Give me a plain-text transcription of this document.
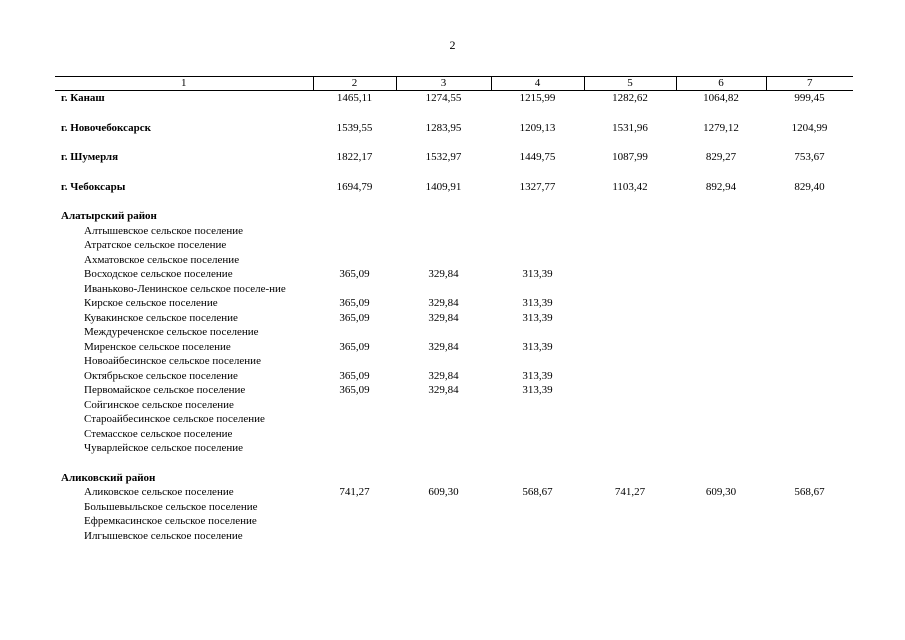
2
1	2	3	4	5	6	7
г. Канаш	1465,11	1274,55	1215,99	1282,62	1064,82	999,45

г. Новочебоксарск	1539,55	1283,95	1209,13	1531,96	1279,12	1204,99

г. Шумерля	1822,17	1532,97	1449,75	1087,99	829,27	753,67

г. Чебоксары	1694,79	1409,91	1327,77	1103,42	892,94	829,40

Алатырский район						
Алтышевское сельское поселение						
Атратское сельское поселение						
Ахматовское сельское поселение						
Восходское сельское поселение	365,09	329,84	313,39			
Иваньково-Ленинское сельское поселе-ние						
Кирское сельское поселение	365,09	329,84	313,39			
Кувакинское сельское поселение	365,09	329,84	313,39			
Междуреченское сельское поселение						
Миренское сельское поселение	365,09	329,84	313,39			
Новоайбесинское сельское поселение						
Октябрьское сельское поселение	365,09	329,84	313,39			
Первомайское сельское поселение	365,09	329,84	313,39			
Сойгинское сельское поселение						
Староайбесинское сельское поселение						
Стемасское сельское поселение						
Чуварлейское сельское поселение						

Аликовский район						
Аликовское сельское поселение	741,27	609,30	568,67	741,27	609,30	568,67
Большевыльское сельское поселение						
Ефремкасинское сельское поселение						
Илгышевское сельское поселение						
